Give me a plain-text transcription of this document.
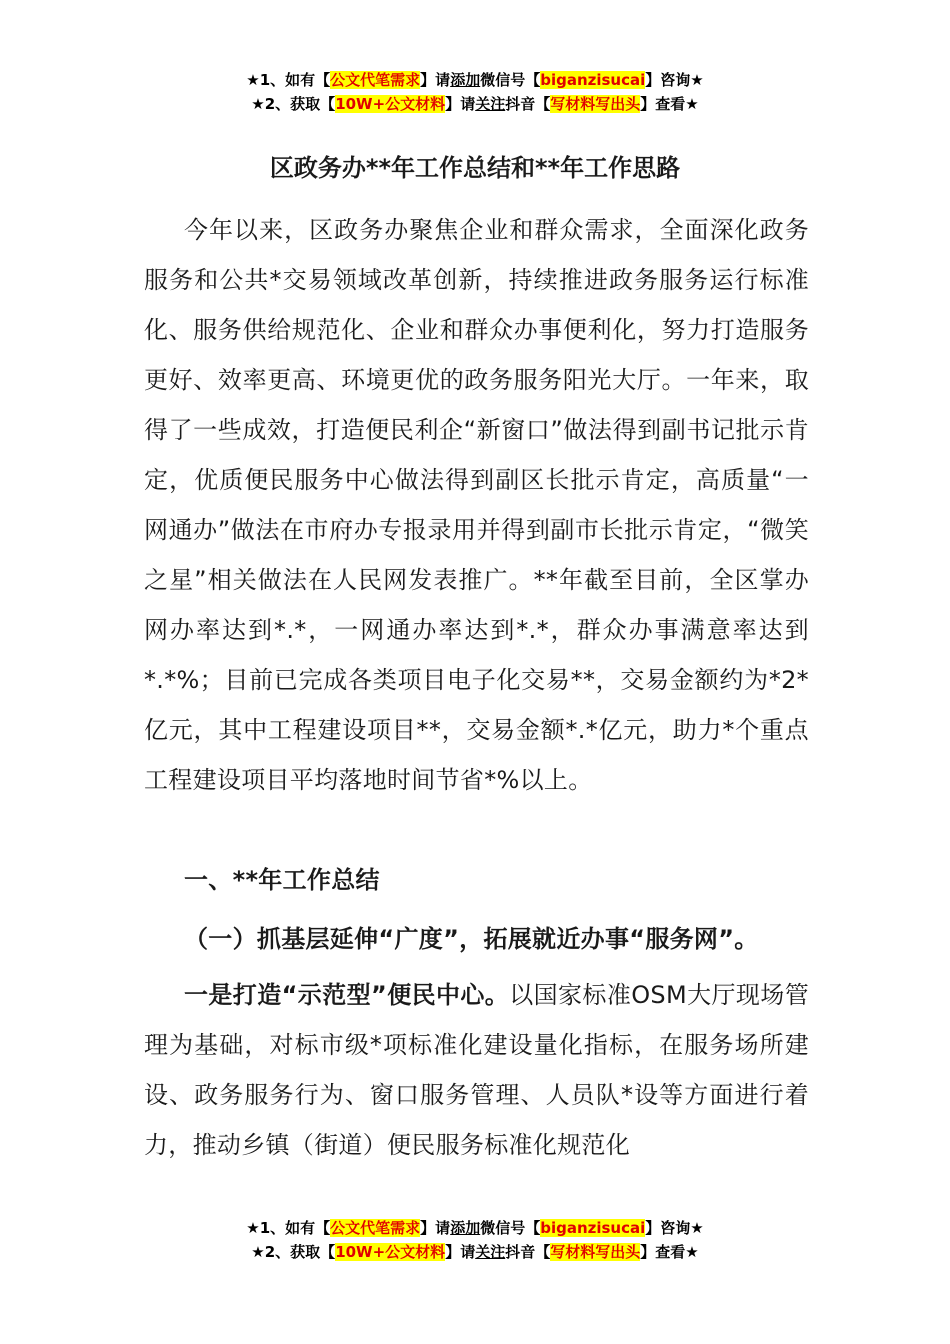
★1、如有【公文代笔需求】请添加微信号【biganzisucai】咨询★
★2、获取【10W+公文材料】请关注抖音【写材料写出头】查看★
区政务办**年工作总结和**年工作思路

今年以来，区政务办聚焦企业和群众需求，全面深化政务服务和公共*交易领域改革创新，持续推进政务服务运行标准化、服务供给规范化、企业和群众办事便利化，努力打造服务更好、效率更高、环境更优的政务服务阳光大厅。一年来，取得了一些成效，打造便民利企“新窗口”做法得到副书记批示肯定，优质便民服务中心做法得到副区长批示肯定，高质量“一网通办”做法在市府办专报录用并得到副市长批示肯定，“微笑之星”相关做法在人民网发表推广。**年截至目前，全区掌办网办率达到*.*，一网通办率达到*.*，群众办事满意率达到*.*%；目前已完成各类项目电子化交易**，交易金额约为*2*亿元，其中工程建设项目**，交易金额*.*亿元，助力*个重点工程建设项目平均落地时间节省*%以上。

一、**年工作总结

（一）抓基层延伸“广度”，拓展就近办事“服务网”。

一是打造“示范型”便民中心。以国家标准OSM大厅现场管理为基础，对标市级*项标准化建设量化指标，在服务场所建设、政务服务行为、窗口服务管理、人员队*设等方面进行着力，推动乡镇（街道）便民服务标准化规范化

★1、如有【公文代笔需求】请添加微信号【biganzisucai】咨询★
★2、获取【10W+公文材料】请关注抖音【写材料写出头】查看★
